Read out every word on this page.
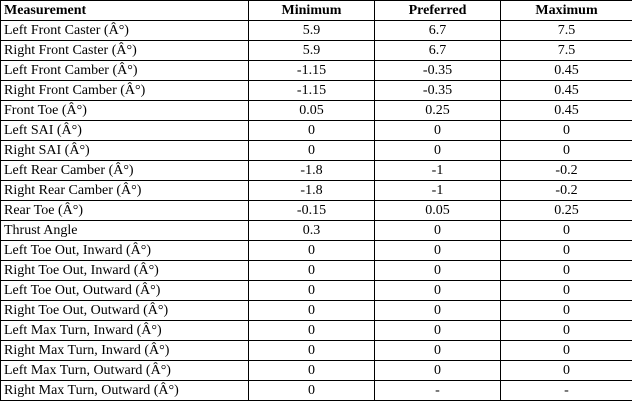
Measurement	Minimum	Preferred	Maximum
Left Front Caster (Â°)	5.9	6.7	7.5
Right Front Caster (Â°)	5.9	6.7	7.5
Left Front Camber (Â°)	-1.15	-0.35	0.45
Right Front Camber (Â°)	-1.15	-0.35	0.45
Front Toe (Â°)	0.05	0.25	0.45
Left SAI (Â°)	0	0	0
Right SAI (Â°)	0	0	0
Left Rear Camber (Â°)	-1.8	-1	-0.2
Right Rear Camber (Â°)	-1.8	-1	-0.2
Rear Toe (Â°)	-0.15	0.05	0.25
Thrust Angle	0.3	0	0
Left Toe Out, Inward (Â°)	0	0	0
Right Toe Out, Inward (Â°)	0	0	0
Left Toe Out, Outward (Â°)	0	0	0
Right Toe Out, Outward (Â°)	0	0	0
Left Max Turn, Inward (Â°)	0	0	0
Right Max Turn, Inward (Â°)	0	0	0
Left Max Turn, Outward (Â°)	0	0	0
Right Max Turn, Outward (Â°)	0	-	-
